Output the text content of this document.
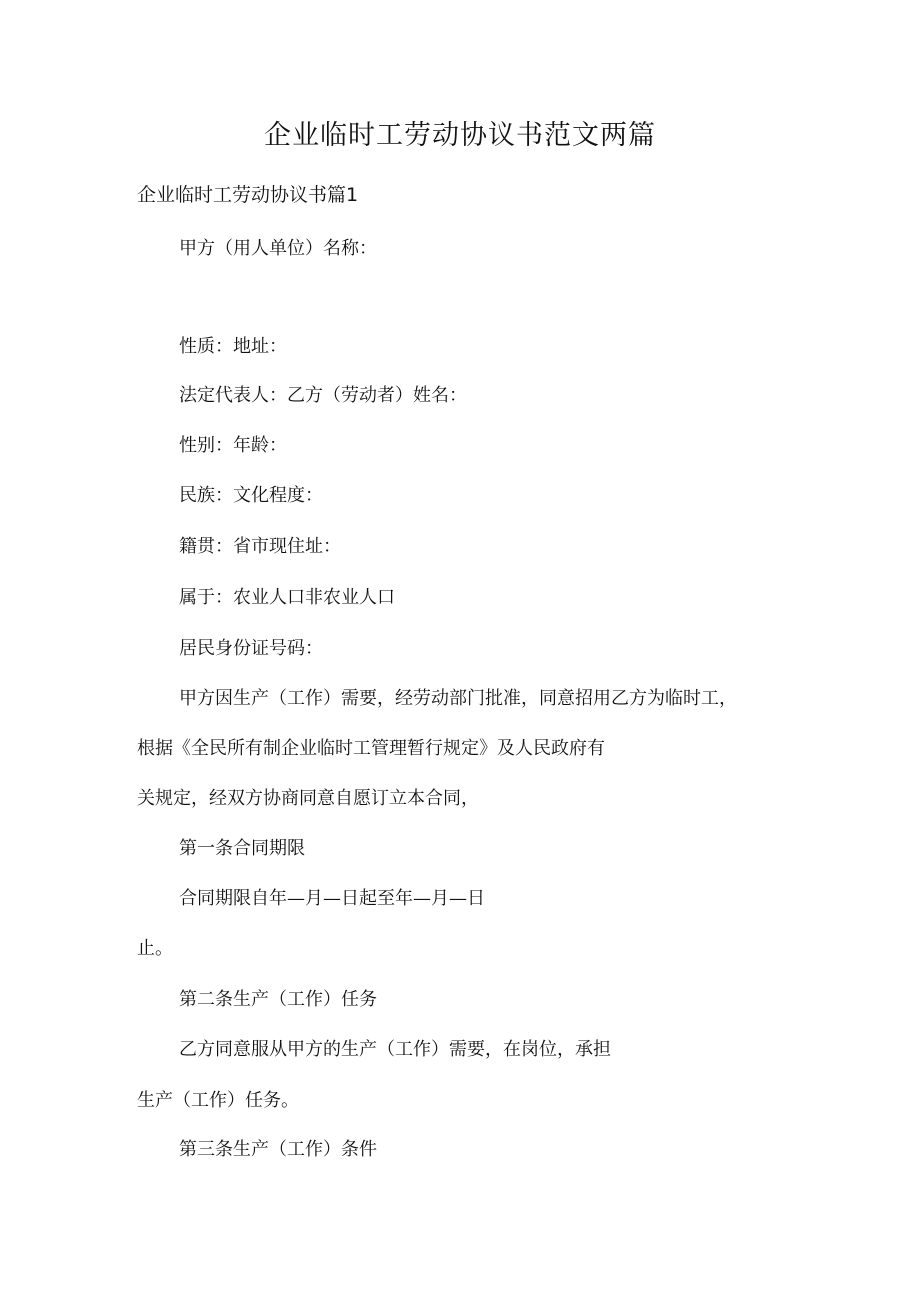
企业临时工劳动协议书范文两篇
企业临时工劳动协议书篇1
甲方（用人单位）名称：
性质：地址：
法定代表人：乙方（劳动者）姓名：
性别：年龄：
民族：文化程度：
籍贯：省市现住址：
属于：农业人口非农业人口
居民身份证号码：
甲方因生产（工作）需要，经劳动部门批准，同意招用乙方为临时工，
根据《全民所有制企业临时工管理暂行规定》及人民政府有
关规定，经双方协商同意自愿订立本合同，
第一条合同期限
合同期限自年—月—日起至年—月—日
止。
第二条生产（工作）任务
乙方同意服从甲方的生产（工作）需要，在岗位，承担
生产（工作）任务。
第三条生产（工作）条件
